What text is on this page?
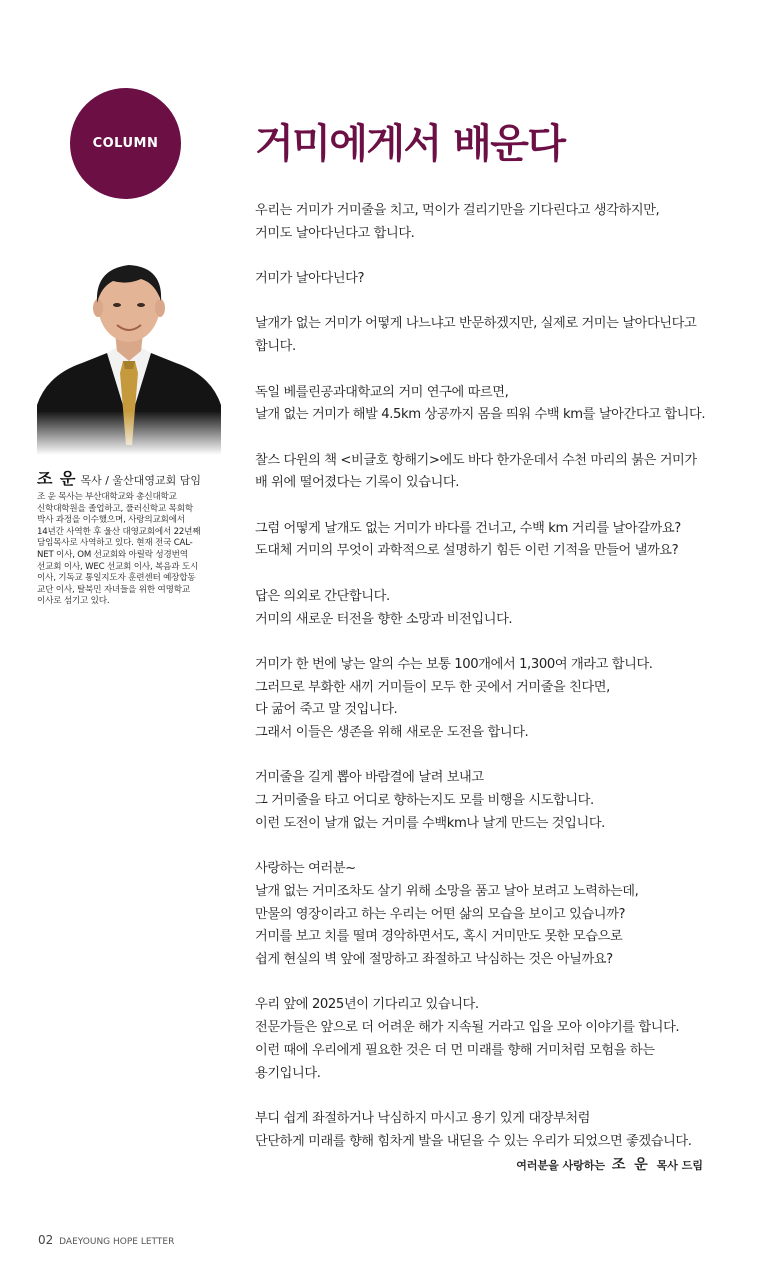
COLUMN 거미에게서 배운다
조 운 목사 / 울산대영교회 담임
조 운 목사는 부산대학교와 총신대학교
신학대학원을 졸업하고, 풀러신학교 목회학
박사 과정을 이수했으며, 사랑의교회에서
14년간 사역한 후 울산 대영교회에서 22년째
담임목사로 사역하고 있다. 현재 전국 CAL-
NET 이사, OM 선교회와 아릴락 성경번역
선교회 이사, WEC 선교회 이사, 복음과 도시
이사, 기독교 통일지도자 훈련센터 예장합동
교단 이사, 탈북민 자녀들을 위한 여명학교
이사로 섬기고 있다.
우리는 거미가 거미줄을 치고, 먹이가 걸리기만을 기다린다고 생각하지만,
거미도 날아다닌다고 합니다.
거미가 날아다닌다?
날개가 없는 거미가 어떻게 나느냐고 반문하겠지만, 실제로 거미는 날아다닌다고
합니다.
독일 베를린공과대학교의 거미 연구에 따르면,
날개 없는 거미가 해발 4.5km 상공까지 몸을 띄워 수백 km를 날아간다고 합니다.
찰스 다윈의 책 <비글호 항해기>에도 바다 한가운데서 수천 마리의 붉은 거미가
배 위에 떨어졌다는 기록이 있습니다.
그럼 어떻게 날개도 없는 거미가 바다를 건너고, 수백 km 거리를 날아갈까요?
도대체 거미의 무엇이 과학적으로 설명하기 힘든 이런 기적을 만들어 낼까요?
답은 의외로 간단합니다.
거미의 새로운 터전을 향한 소망과 비전입니다.
거미가 한 번에 낳는 알의 수는 보통 100개에서 1,300여 개라고 합니다.
그러므로 부화한 새끼 거미들이 모두 한 곳에서 거미줄을 친다면,
다 굶어 죽고 말 것입니다.
그래서 이들은 생존을 위해 새로운 도전을 합니다.
거미줄을 길게 뽑아 바람결에 날려 보내고
그 거미줄을 타고 어디로 향하는지도 모를 비행을 시도합니다.
이런 도전이 날개 없는 거미를 수백km나 날게 만드는 것입니다.
사랑하는 여러분~
날개 없는 거미조차도 살기 위해 소망을 품고 날아 보려고 노력하는데,
만물의 영장이라고 하는 우리는 어떤 삶의 모습을 보이고 있습니까?
거미를 보고 치를 떨며 경악하면서도, 혹시 거미만도 못한 모습으로
쉽게 현실의 벽 앞에 절망하고 좌절하고 낙심하는 것은 아닐까요?
우리 앞에 2025년이 기다리고 있습니다.
전문가들은 앞으로 더 어려운 해가 지속될 거라고 입을 모아 이야기를 합니다.
이런 때에 우리에게 필요한 것은 더 먼 미래를 향해 거미처럼 모험을 하는
용기입니다.
부디 쉽게 좌절하거나 낙심하지 마시고 용기 있게 대장부처럼
단단하게 미래를 향해 힘차게 발을 내딛을 수 있는 우리가 되었으면 좋겠습니다.
여러분을 사랑하는 조 운 목사 드림
02 DAEYOUNG HOPE LETTER
